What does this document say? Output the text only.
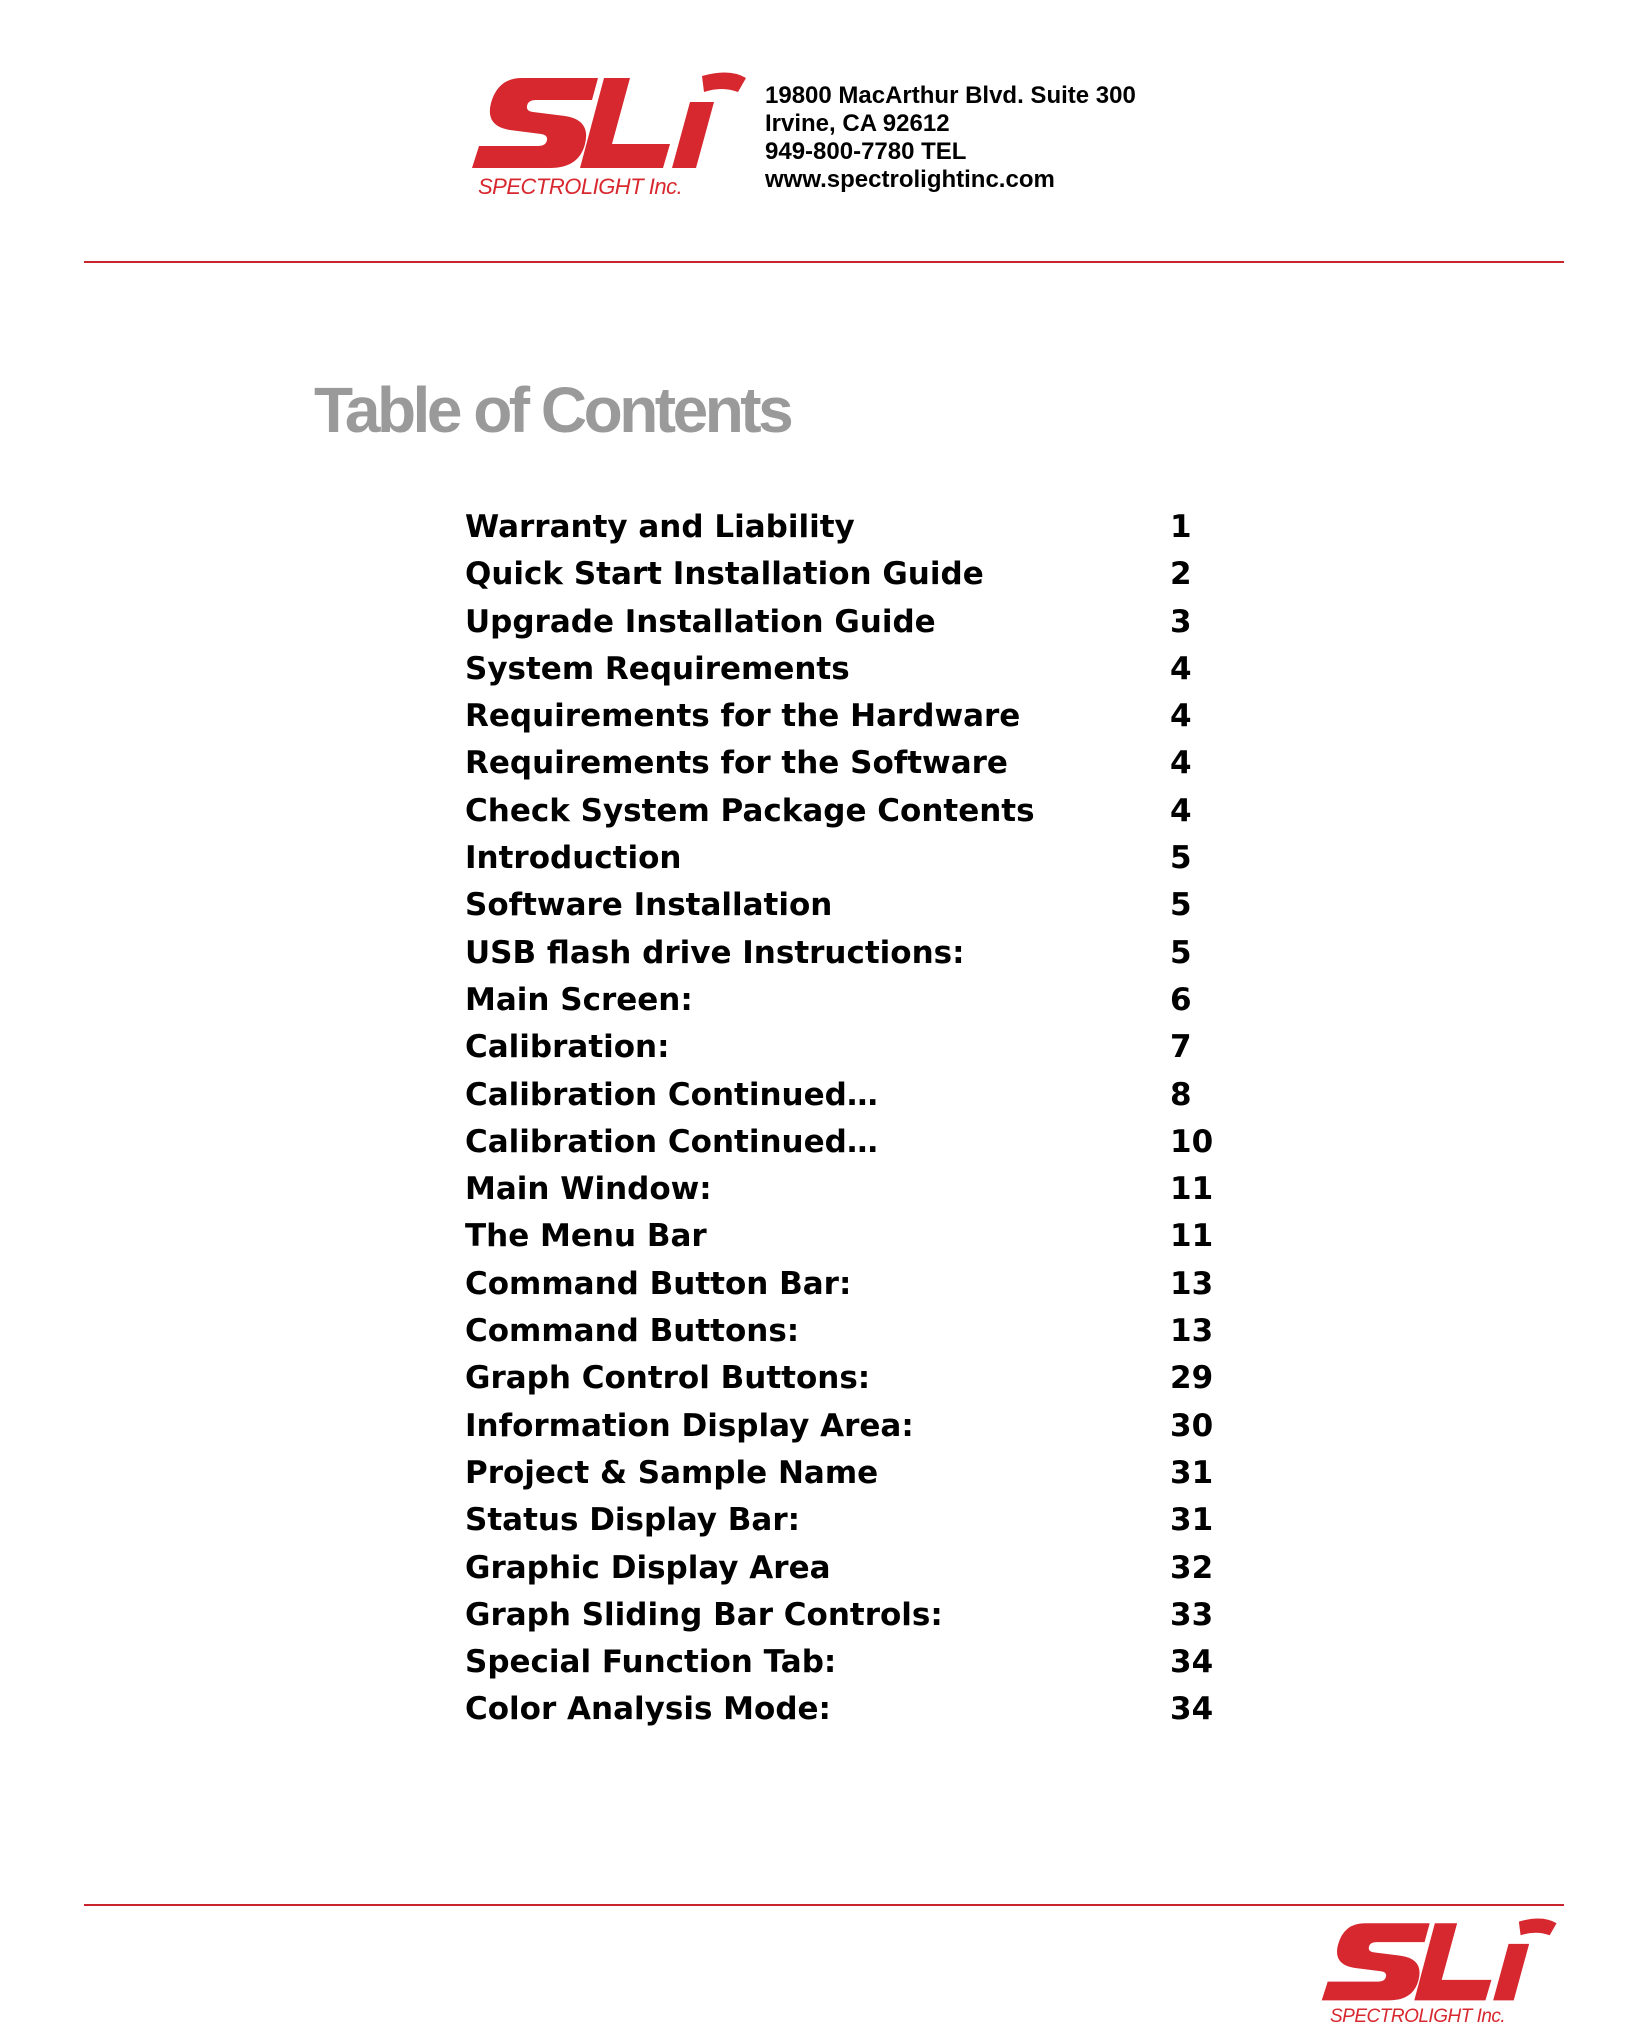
SPECTROLIGHT Inc.
19800 MacArthur Blvd. Suite 300
Irvine, CA 92612
949-800-7780 TEL
www.spectrolightinc.com
Table of Contents
Warranty and Liability	1
Quick Start Installation Guide	2
Upgrade Installation Guide	3
System Requirements	4
Requirements for the Hardware	4
Requirements for the Software	4
Check System Package Contents	4
Introduction	5
Software Installation	5
USB flash drive Instructions:	5
Main Screen:	6
Calibration:	7
Calibration Continued…	8
Calibration Continued…	10
Main Window:	11
The Menu Bar	11
Command Button Bar:	13
Command Buttons:	13
Graph Control Buttons:	29
Information Display Area:	30
Project & Sample Name	31
Status Display Bar:	31
Graphic Display Area	32
Graph Sliding Bar Controls:	33
Special Function Tab:	34
Color Analysis Mode:	34
SPECTROLIGHT Inc.
